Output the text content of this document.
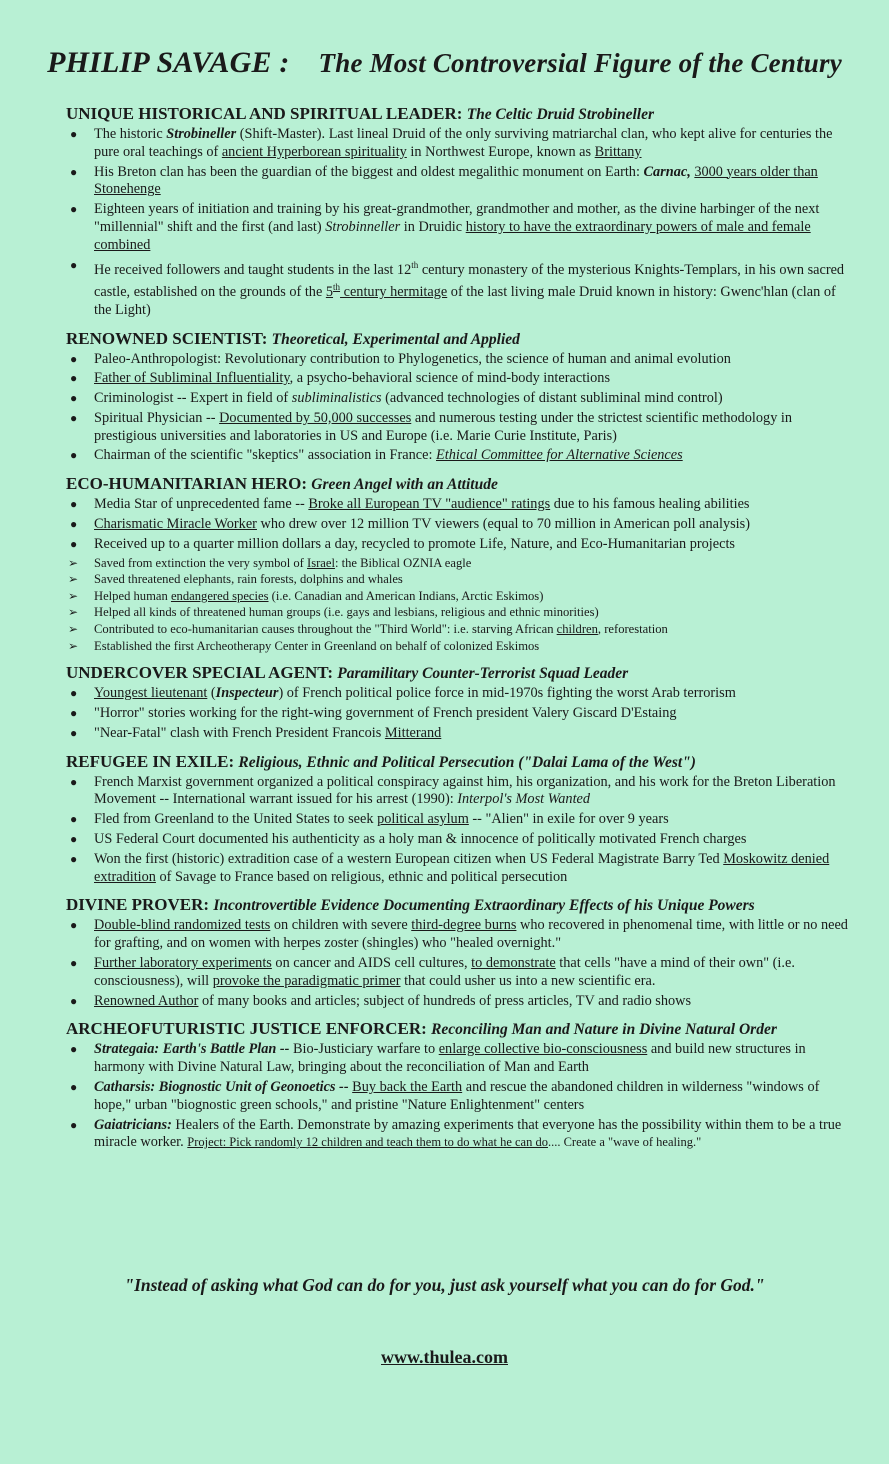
PHILIP SAVAGE : The Most Controversial Figure of the Century
UNIQUE HISTORICAL AND SPIRITUAL LEADER: The Celtic Druid Strobineller
● The historic Strobineller (Shift-Master). Last lineal Druid of the only surviving matriarchal clan, who kept alive for centuries the pure oral teachings of ancient Hyperborean spirituality in Northwest Europe, known as Brittany
● His Breton clan has been the guardian of the biggest and oldest megalithic monument on Earth: Carnac, 3000 years older than Stonehenge
● Eighteen years of initiation and training by his great-grandmother, grandmother and mother, as the divine harbinger of the next "millennial" shift and the first (and last) Strobinneller in Druidic history to have the extraordinary powers of male and female combined
● He received followers and taught students in the last 12th century monastery of the mysterious Knights-Templars, in his own sacred castle, established on the grounds of the 5th century hermitage of the last living male Druid known in history: Gwenc'hlan (clan of the Light)
RENOWNED SCIENTIST: Theoretical, Experimental and Applied
● Paleo-Anthropologist: Revolutionary contribution to Phylogenetics, the science of human and animal evolution
● Father of Subliminal Influentiality, a psycho-behavioral science of mind-body interactions
● Criminologist -- Expert in field of subliminalistics (advanced technologies of distant subliminal mind control)
● Spiritual Physician -- Documented by 50,000 successes and numerous testing under the strictest scientific methodology in prestigious universities and laboratories in US and Europe (i.e. Marie Curie Institute, Paris)
● Chairman of the scientific "skeptics" association in France: Ethical Committee for Alternative Sciences
ECO-HUMANITARIAN HERO: Green Angel with an Attitude
● Media Star of unprecedented fame -- Broke all European TV "audience" ratings due to his famous healing abilities
● Charismatic Miracle Worker who drew over 12 million TV viewers (equal to 70 million in American poll analysis)
● Received up to a quarter million dollars a day, recycled to promote Life, Nature, and Eco-Humanitarian projects
➢ Saved from extinction the very symbol of Israel: the Biblical OZNIA eagle
➢ Saved threatened elephants, rain forests, dolphins and whales
➢ Helped human endangered species (i.e. Canadian and American Indians, Arctic Eskimos)
➢ Helped all kinds of threatened human groups (i.e. gays and lesbians, religious and ethnic minorities)
➢ Contributed to eco-humanitarian causes throughout the "Third World": i.e. starving African children, reforestation
➢ Established the first Archeotherapy Center in Greenland on behalf of colonized Eskimos
UNDERCOVER SPECIAL AGENT: Paramilitary Counter-Terrorist Squad Leader
● Youngest lieutenant (Inspecteur) of French political police force in mid-1970s fighting the worst Arab terrorism
● "Horror" stories working for the right-wing government of French president Valery Giscard D'Estaing
● "Near-Fatal" clash with French President Francois Mitterand
REFUGEE IN EXILE: Religious, Ethnic and Political Persecution ("Dalai Lama of the West")
● French Marxist government organized a political conspiracy against him, his organization, and his work for the Breton Liberation Movement -- International warrant issued for his arrest (1990): Interpol's Most Wanted
● Fled from Greenland to the United States to seek political asylum -- "Alien" in exile for over 9 years
● US Federal Court documented his authenticity as a holy man & innocence of politically motivated French charges
● Won the first (historic) extradition case of a western European citizen when US Federal Magistrate Barry Ted Moskowitz denied extradition of Savage to France based on religious, ethnic and political persecution
DIVINE PROVER: Incontrovertible Evidence Documenting Extraordinary Effects of his Unique Powers
● Double-blind randomized tests on children with severe third-degree burns who recovered in phenomenal time, with little or no need for grafting, and on women with herpes zoster (shingles) who "healed overnight."
● Further laboratory experiments on cancer and AIDS cell cultures, to demonstrate that cells "have a mind of their own" (i.e. consciousness), will provoke the paradigmatic primer that could usher us into a new scientific era.
● Renowned Author of many books and articles; subject of hundreds of press articles, TV and radio shows
ARCHEOFUTURISTIC JUSTICE ENFORCER: Reconciling Man and Nature in Divine Natural Order
● Strategaia: Earth's Battle Plan -- Bio-Justiciary warfare to enlarge collective bio-consciousness and build new structures in harmony with Divine Natural Law, bringing about the reconciliation of Man and Earth
● Catharsis: Biognostic Unit of Geonoetics -- Buy back the Earth and rescue the abandoned children in wilderness "windows of hope," urban "biognostic green schools," and pristine "Nature Enlightenment" centers
● Gaiatricians: Healers of the Earth. Demonstrate by amazing experiments that everyone has the possibility within them to be a true miracle worker. Project: Pick randomly 12 children and teach them to do what he can do.... Create a "wave of healing."
"Instead of asking what God can do for you, just ask yourself what you can do for God."
www.thulea.com
